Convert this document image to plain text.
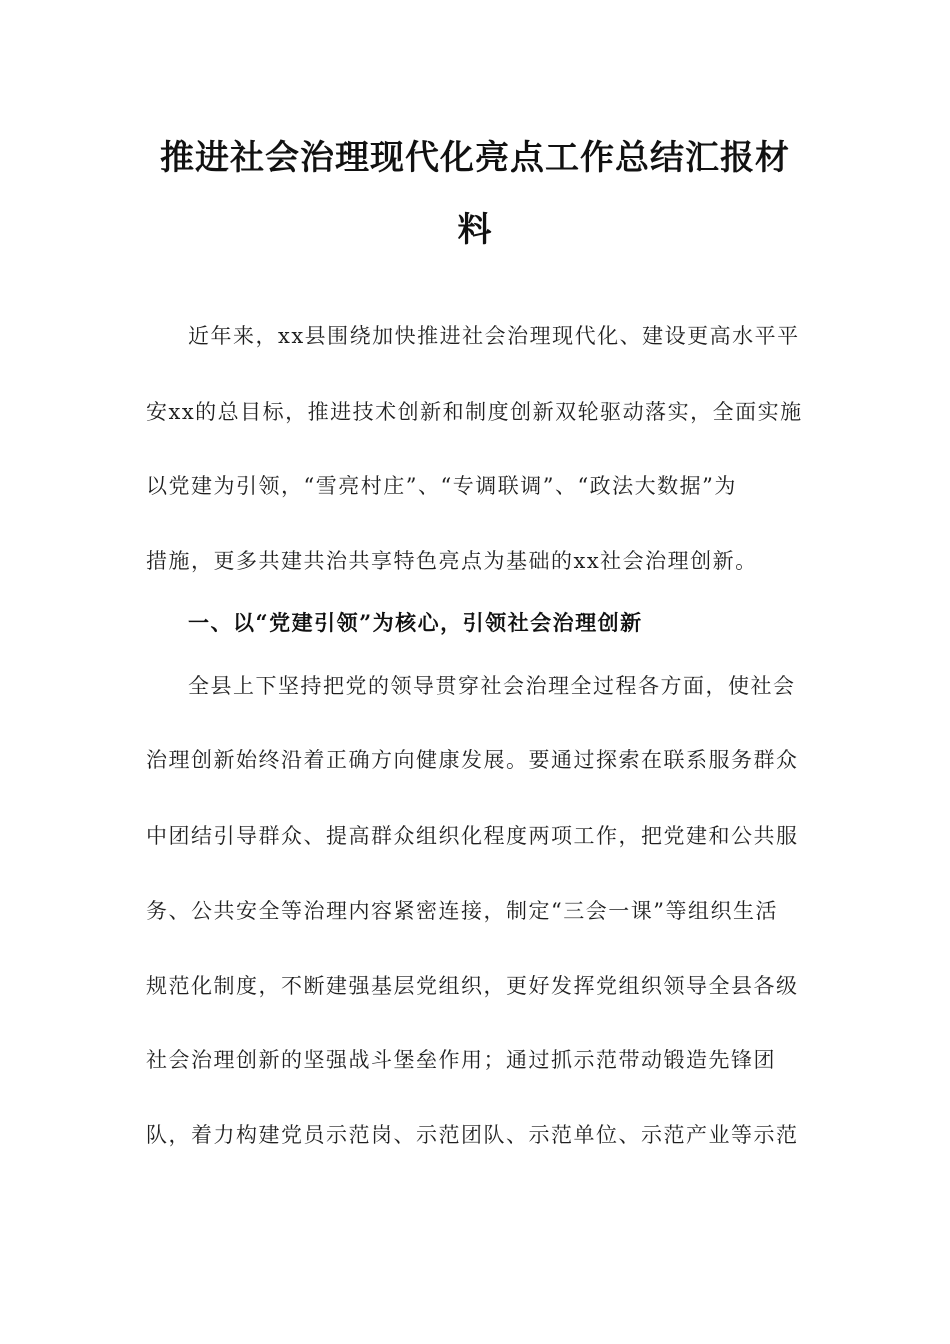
推进社会治理现代化亮点工作总结汇报材
料
近年来，xx县围绕加快推进社会治理现代化、建设更高水平平
安xx的总目标，推进技术创新和制度创新双轮驱动落实，全面实施
以党建为引领，“雪亮村庄”、“专调联调”、“政法大数据”为
措施，更多共建共治共享特色亮点为基础的xx社会治理创新。
一、以“党建引领”为核心，引领社会治理创新
全县上下坚持把党的领导贯穿社会治理全过程各方面，使社会
治理创新始终沿着正确方向健康发展。要通过探索在联系服务群众
中团结引导群众、提高群众组织化程度两项工作，把党建和公共服
务、公共安全等治理内容紧密连接，制定“三会一课”等组织生活
规范化制度，不断建强基层党组织，更好发挥党组织领导全县各级
社会治理创新的坚强战斗堡垒作用；通过抓示范带动锻造先锋团
队，着力构建党员示范岗、示范团队、示范单位、示范产业等示范
